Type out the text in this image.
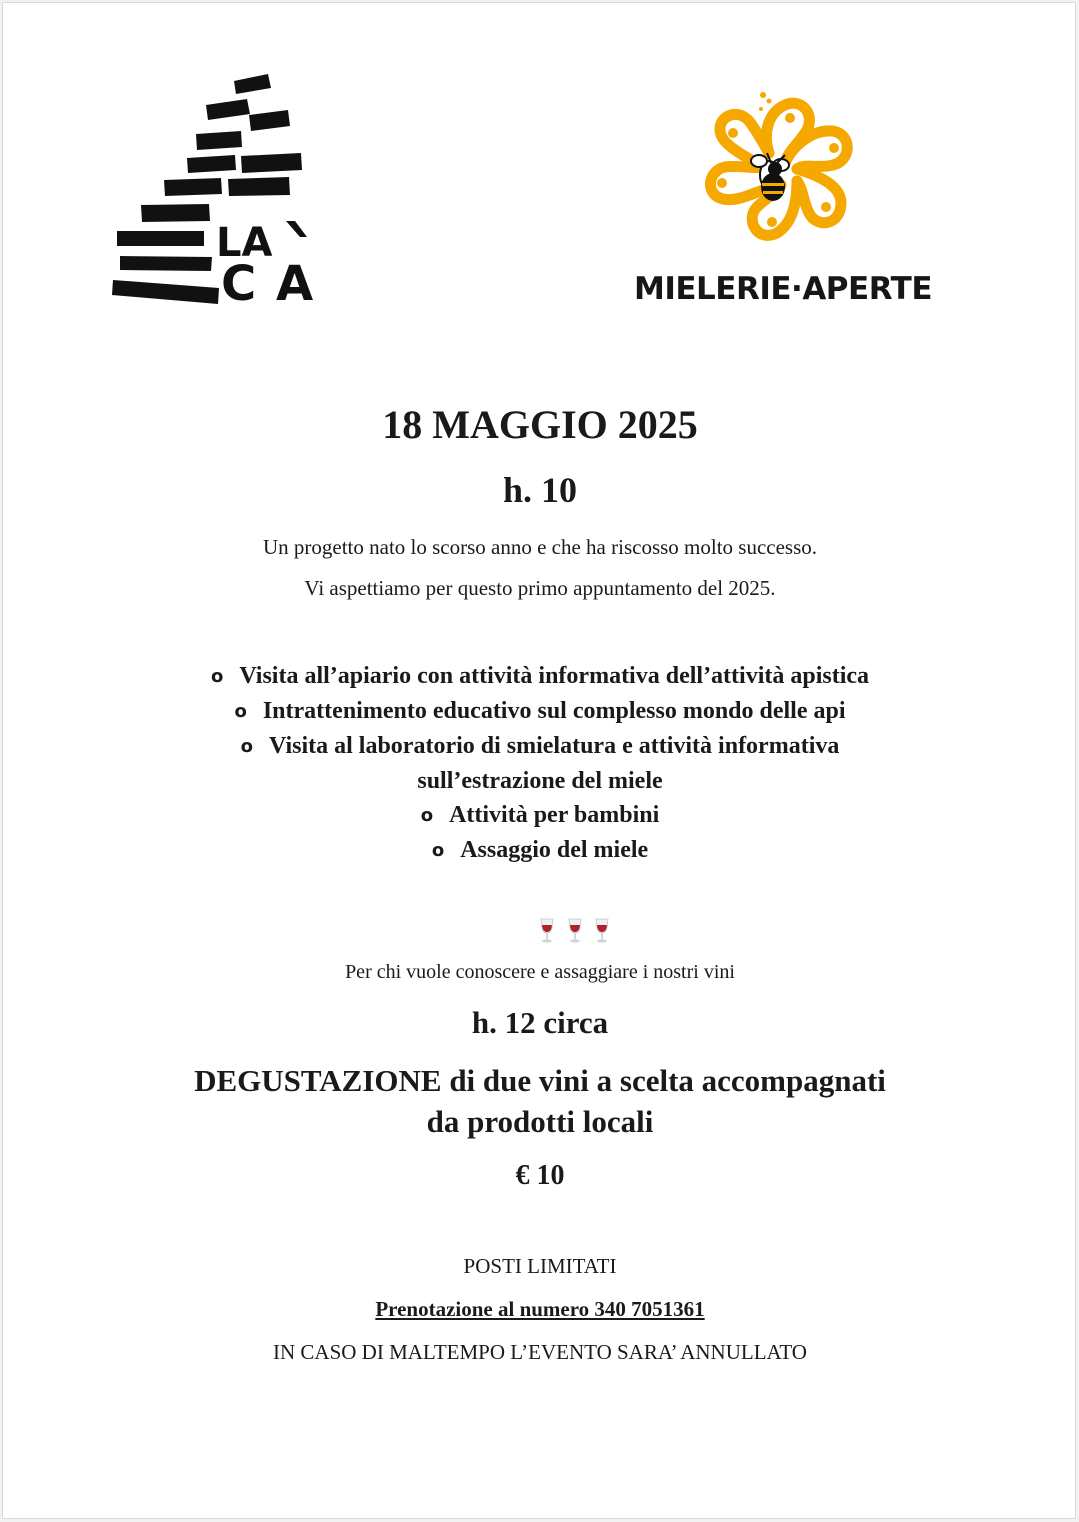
LA
C A	MIELERIE·APERTE
18 MAGGIO 2025
h. 10
Un progetto nato lo scorso anno e che ha riscosso molto successo.
Vi aspettiamo per questo primo appuntamento del 2025.
o Visita all’apiario con attività informativa dell’attività apistica
o Intrattenimento educativo sul complesso mondo delle api
o Visita al laboratorio di smielatura e attività informativa
sull’estrazione del miele
o Attività per bambini
o Assaggio del miele
Per chi vuole conoscere e assaggiare i nostri vini
h. 12 circa
DEGUSTAZIONE di due vini a scelta accompagnati
da prodotti locali
€ 10
POSTI LIMITATI
Prenotazione al numero 340 7051361
IN CASO DI MALTEMPO L’EVENTO SARA’ ANNULLATO
